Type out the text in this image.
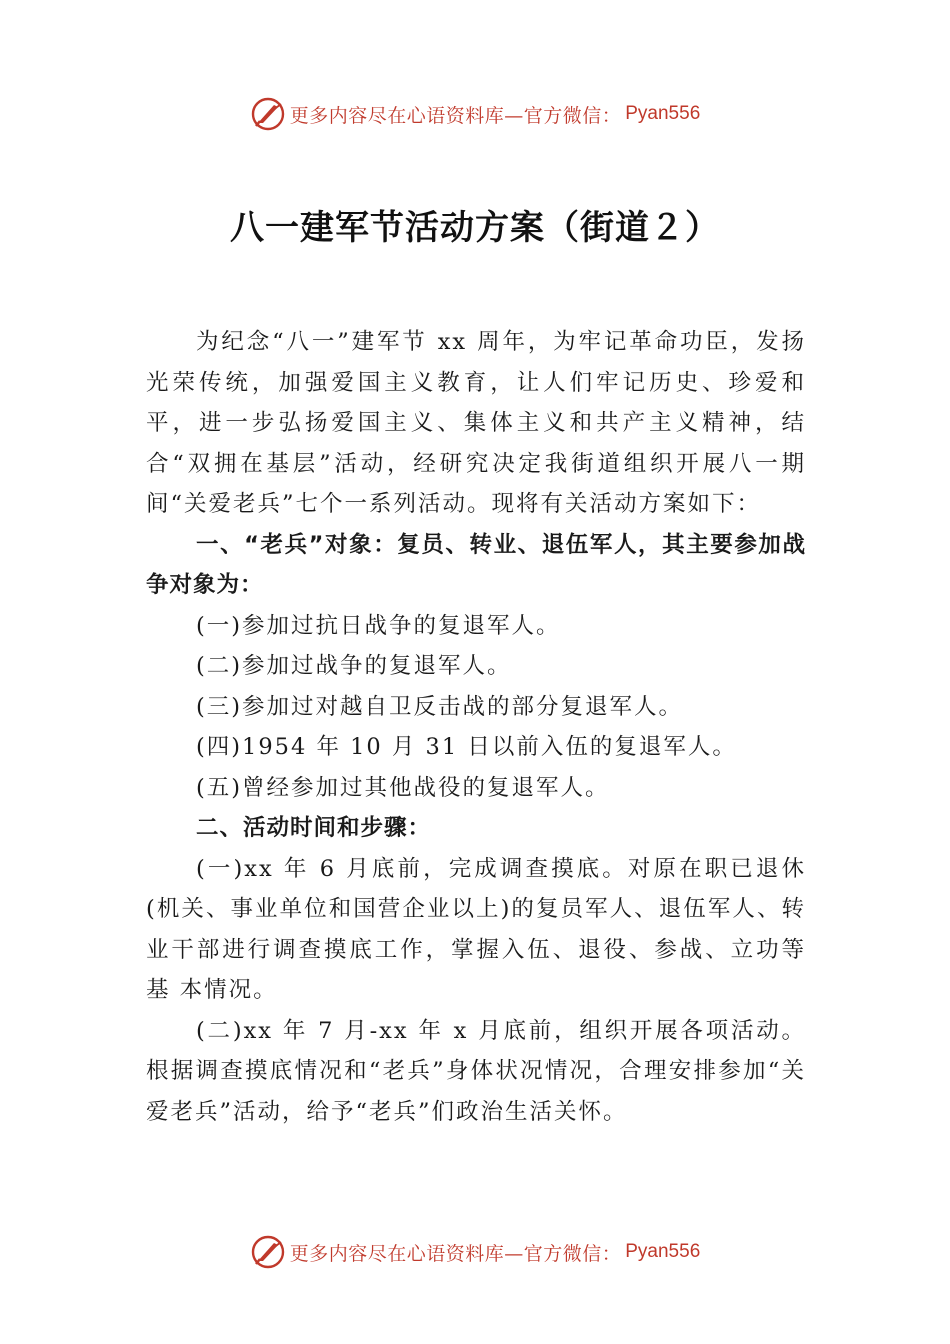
更多内容尽在心语资料库—官方微信： Pyan556
八一建军节活动方案（街道２）

为纪念“八一”建军节 xx 周年，为牢记革命功臣，发扬光荣传统，加强爱国主义教育，让人们牢记历史、珍爱和平，进一步弘扬爱国主义、集体主义和共产主义精神，结合“双拥在基层”活动，经研究决定我街道组织开展八一期间“关爱老兵”七个一系列活动。现将有关活动方案如下：

一、“老兵”对象：复员、转业、退伍军人，其主要参加战争对象为：

(一)参加过抗日战争的复退军人。

(二)参加过战争的复退军人。

(三)参加过对越自卫反击战的部分复退军人。

(四)1954 年 10 月 31 日以前入伍的复退军人。

(五)曾经参加过其他战役的复退军人。

二、活动时间和步骤：

(一)xx 年 6 月底前，完成调查摸底。对原在职已退休(机关、事业单位和国营企业以上)的复员军人、退伍军人、转业干部进行调查摸底工作，掌握入伍、退役、参战、立功等基 本情况。

(二)xx 年 7 月-xx 年 x 月底前，组织开展各项活动。根据调查摸底情况和“老兵”身体状况情况，合理安排参加“关爱老兵”活动，给予“老兵”们政治生活关怀。

更多内容尽在心语资料库—官方微信： Pyan556
